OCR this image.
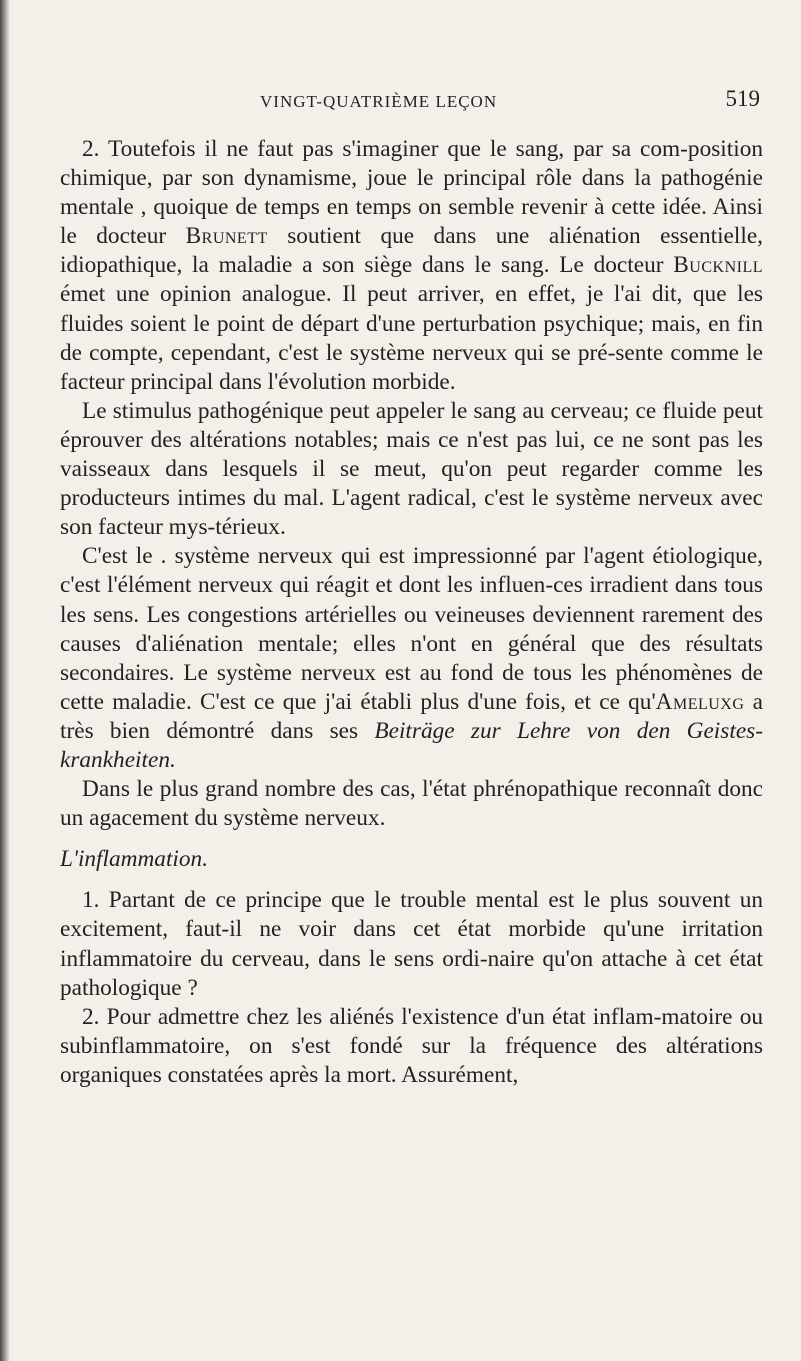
VINGT-QUATRIÈME LEÇON	519

2. Toutefois il ne faut pas s'imaginer que le sang, par sa com-position chimique, par son dynamisme, joue le principal rôle dans la pathogénie mentale , quoique de temps en temps on semble revenir à cette idée. Ainsi le docteur Brunett soutient que dans une aliénation essentielle, idiopathique, la maladie a son siège dans le sang. Le docteur Bucknill émet une opinion analogue. Il peut arriver, en effet, je l'ai dit, que les fluides soient le point de départ d'une perturbation psychique; mais, en fin de compte, cependant, c'est le système nerveux qui se pré-sente comme le facteur principal dans l'évolution morbide.

Le stimulus pathogénique peut appeler le sang au cerveau; ce fluide peut éprouver des altérations notables; mais ce n'est pas lui, ce ne sont pas les vaisseaux dans lesquels il se meut, qu'on peut regarder comme les producteurs intimes du mal. L'agent radical, c'est le système nerveux avec son facteur mys-térieux.

C'est le . système nerveux qui est impressionné par l'agent étiologique, c'est l'élément nerveux qui réagit et dont les influen-ces irradient dans tous les sens. Les congestions artérielles ou veineuses deviennent rarement des causes d'aliénation mentale; elles n'ont en général que des résultats secondaires. Le système nerveux est au fond de tous les phénomènes de cette maladie. C'est ce que j'ai établi plus d'une fois, et ce qu'Ameluxg a très bien démontré dans ses Beiträge zur Lehre von den Geistes-krankheiten.

Dans le plus grand nombre des cas, l'état phrénopathique reconnaît donc un agacement du système nerveux.

L'inflammation.

1. Partant de ce principe que le trouble mental est le plus souvent un excitement, faut-il ne voir dans cet état morbide qu'une irritation inflammatoire du cerveau, dans le sens ordi-naire qu'on attache à cet état pathologique ?

2. Pour admettre chez les aliénés l'existence d'un état inflam-matoire ou subinflammatoire, on s'est fondé sur la fréquence des altérations organiques constatées après la mort. Assurément,
